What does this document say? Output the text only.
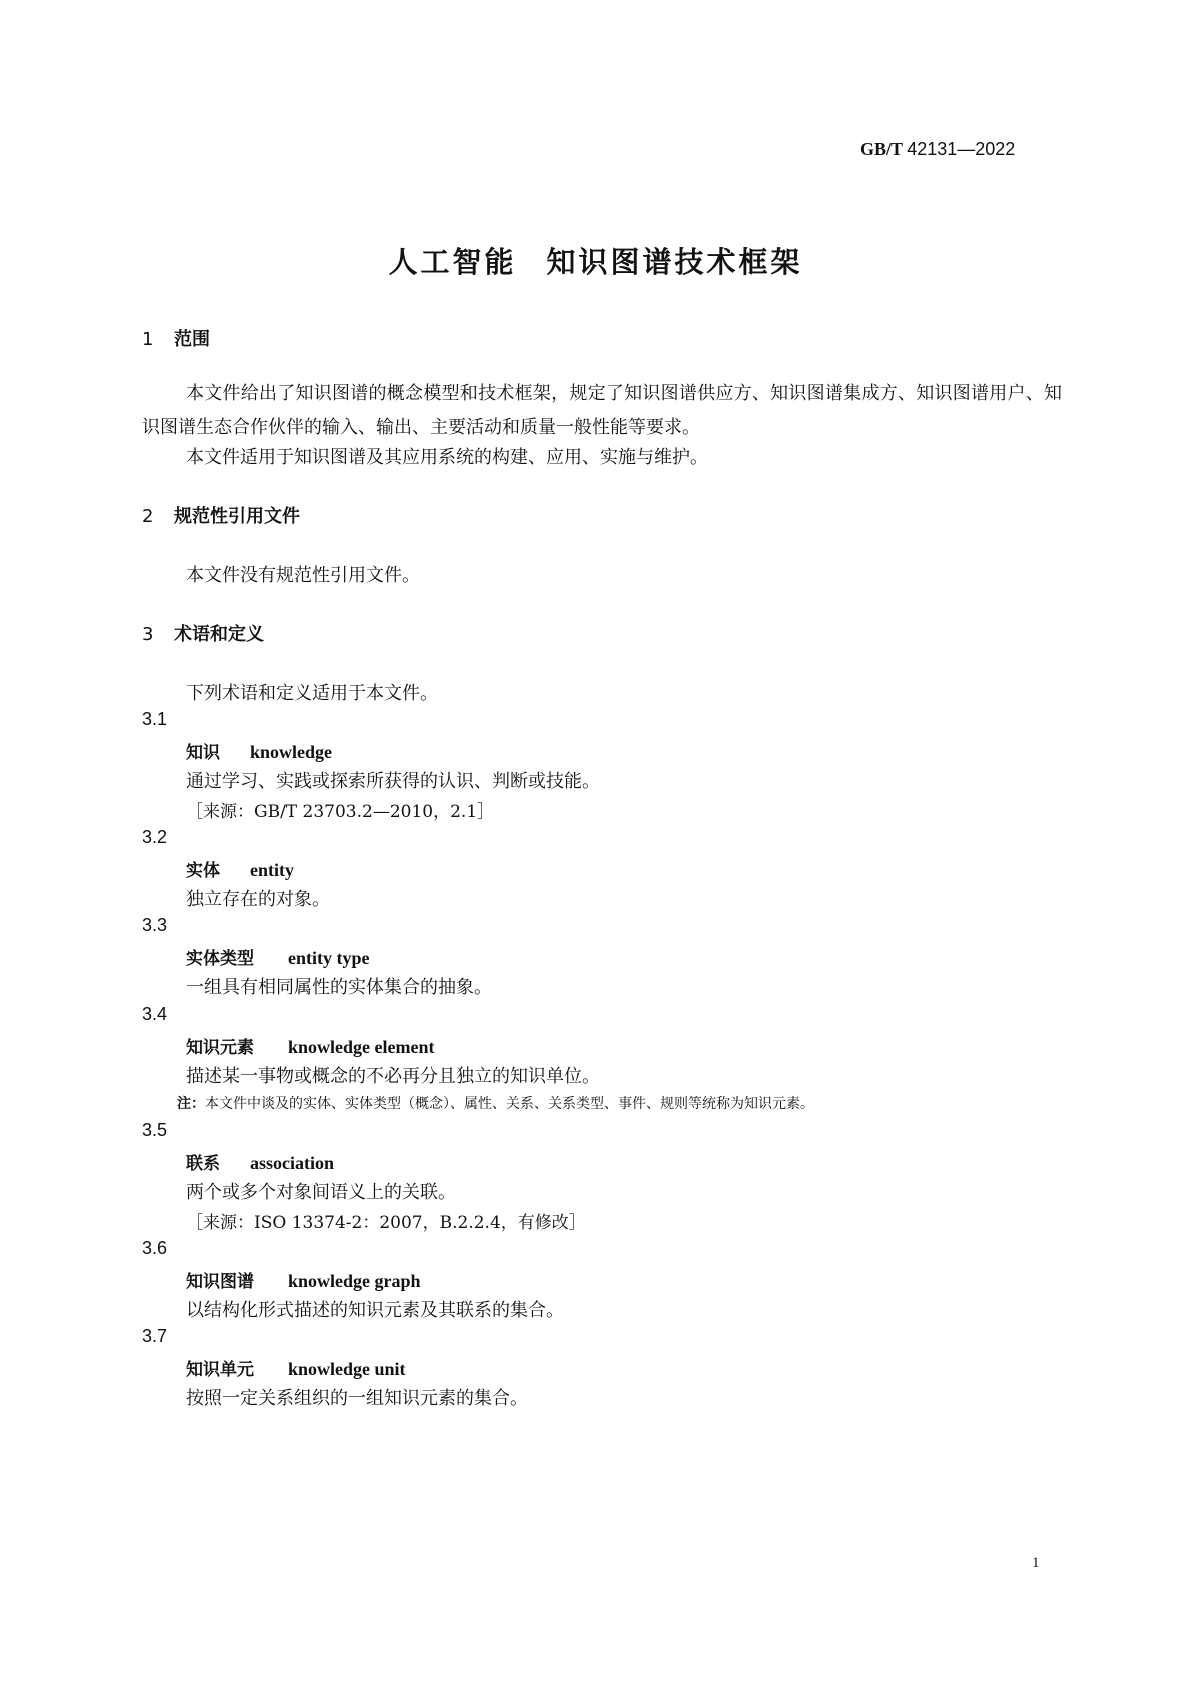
GB/T 42131—2022
人工智能 知识图谱技术框架
1 范围
本文件给出了知识图谱的概念模型和技术框架，规定了知识图谱供应方、知识图谱集成方、知识图谱用户、知识图谱生态合作伙伴的输入、输出、主要活动和质量一般性能等要求。
本文件适用于知识图谱及其应用系统的构建、应用、实施与维护。
2 规范性引用文件
本文件没有规范性引用文件。
3 术语和定义
下列术语和定义适用于本文件。
3.1
知识 knowledge
通过学习、实践或探索所获得的认识、判断或技能。
［来源：GB/T 23703.2—2010，2.1］
3.2
实体 entity
独立存在的对象。
3.3
实体类型 entity type
一组具有相同属性的实体集合的抽象。
3.4
知识元素 knowledge element
描述某一事物或概念的不必再分且独立的知识单位。
注：本文件中谈及的实体、实体类型（概念）、属性、关系、关系类型、事件、规则等统称为知识元素。
3.5
联系 association
两个或多个对象间语义上的关联。
［来源：ISO 13374-2：2007，B.2.2.4，有修改］
3.6
知识图谱 knowledge graph
以结构化形式描述的知识元素及其联系的集合。
3.7
知识单元 knowledge unit
按照一定关系组织的一组知识元素的集合。
1
